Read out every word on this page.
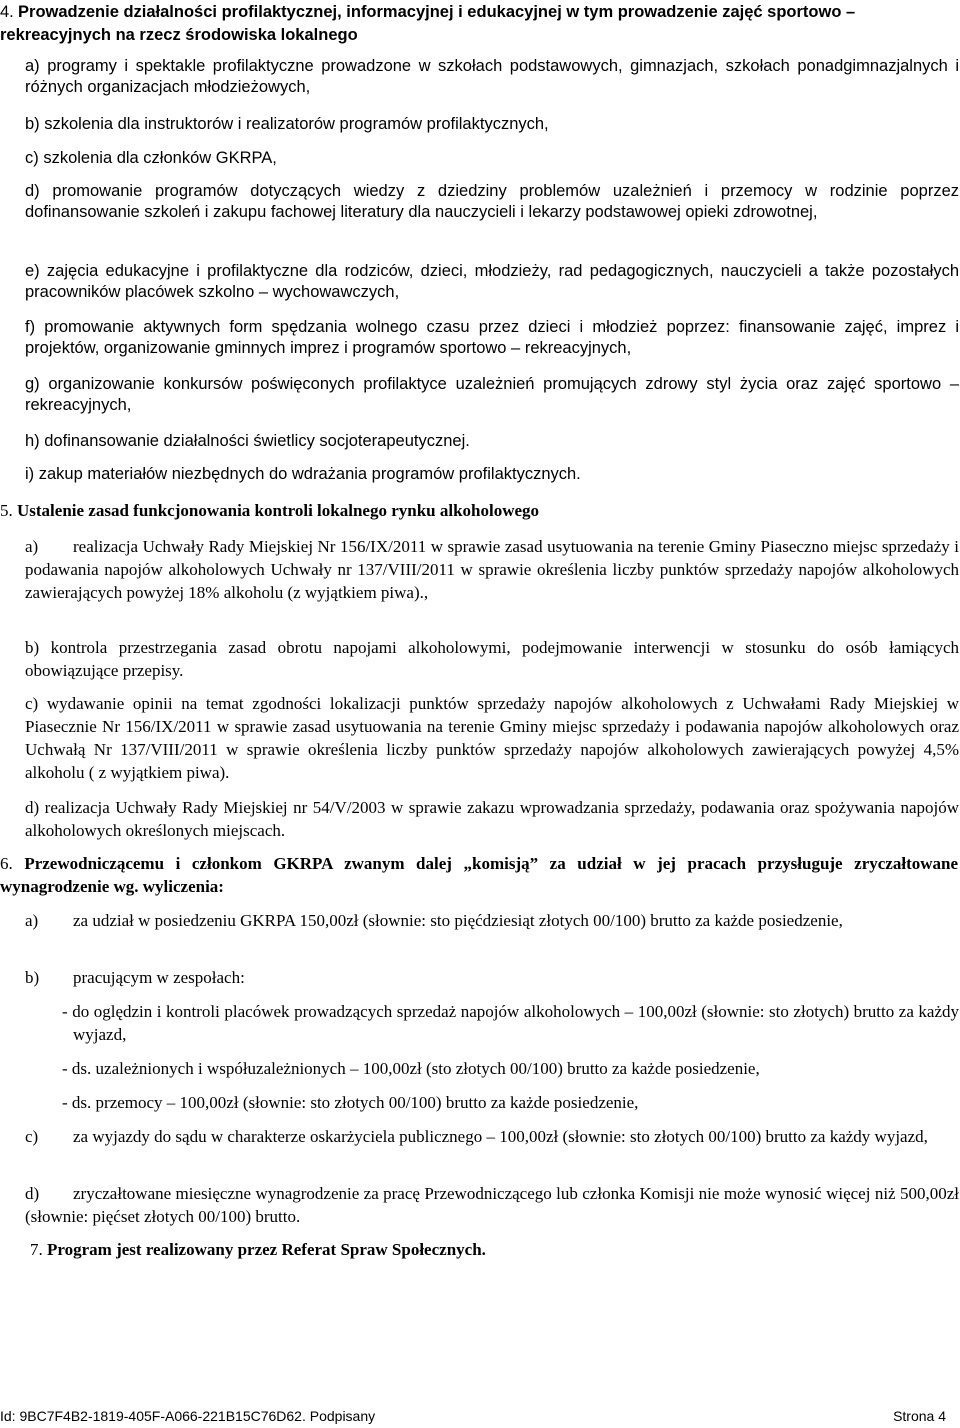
4. Prowadzenie działalności profilaktycznej, informacyjnej i edukacyjnej w tym prowadzenie zajęć sportowo – rekreacyjnych na rzecz środowiska lokalnego

a) programy i spektakle profilaktyczne prowadzone w szkołach podstawowych, gimnazjach, szkołach ponadgimnazjalnych i różnych organizacjach młodzieżowych,

b) szkolenia dla instruktorów i realizatorów programów profilaktycznych,

c) szkolenia dla członków GKRPA,

d) promowanie programów dotyczących wiedzy z dziedziny problemów uzależnień i przemocy w rodzinie poprzez dofinansowanie szkoleń i zakupu fachowej literatury dla nauczycieli i lekarzy podstawowej opieki zdrowotnej,

e) zajęcia edukacyjne i profilaktyczne dla rodziców, dzieci, młodzieży, rad pedagogicznych, nauczycieli a także pozostałych pracowników placówek szkolno – wychowawczych,

f) promowanie aktywnych form spędzania wolnego czasu przez dzieci i młodzież poprzez: finansowanie zajęć, imprez i projektów, organizowanie gminnych imprez i programów sportowo – rekreacyjnych,

g) organizowanie konkursów poświęconych profilaktyce uzależnień promujących zdrowy styl życia oraz zajęć sportowo – rekreacyjnych,

h) dofinansowanie działalności świetlicy socjoterapeutycznej.

i) zakup materiałów niezbędnych do wdrażania programów profilaktycznych.

5. Ustalenie zasad funkcjonowania kontroli lokalnego rynku alkoholowego

a) realizacja Uchwały Rady Miejskiej Nr 156/IX/2011 w sprawie zasad usytuowania na terenie Gminy Piaseczno miejsc sprzedaży i podawania napojów alkoholowych Uchwały nr 137/VIII/2011 w sprawie określenia liczby punktów sprzedaży napojów alkoholowych zawierających powyżej 18% alkoholu (z wyjątkiem piwa).,

b) kontrola przestrzegania zasad obrotu napojami alkoholowymi, podejmowanie interwencji w stosunku do osób łamiących obowiązujące przepisy.

c) wydawanie opinii na temat zgodności lokalizacji punktów sprzedaży napojów alkoholowych z Uchwałami Rady Miejskiej w Piasecznie Nr 156/IX/2011 w sprawie zasad usytuowania na terenie Gminy miejsc sprzedaży i podawania napojów alkoholowych oraz Uchwałą Nr 137/VIII/2011 w sprawie określenia liczby punktów sprzedaży napojów alkoholowych zawierających powyżej 4,5% alkoholu ( z wyjątkiem piwa).

d) realizacja Uchwały Rady Miejskiej nr 54/V/2003 w sprawie zakazu wprowadzania sprzedaży, podawania oraz spożywania napojów alkoholowych określonych miejscach.

6. Przewodniczącemu i członkom GKRPA zwanym dalej „komisją” za udział w jej pracach przysługuje zryczałtowane wynagrodzenie wg. wyliczenia:

a) za udział w posiedzeniu GKRPA 150,00zł (słownie: sto pięćdziesiąt złotych 00/100) brutto za każde posiedzenie,

b) pracującym w zespołach:

- do oględzin i kontroli placówek prowadzących sprzedaż napojów alkoholowych – 100,00zł (słownie: sto złotych) brutto za każdy wyjazd,

- ds. uzależnionych i współuzależnionych – 100,00zł (sto złotych 00/100) brutto za każde posiedzenie,

- ds. przemocy – 100,00zł (słownie: sto złotych 00/100) brutto za każde posiedzenie,

c) za wyjazdy do sądu w charakterze oskarżyciela publicznego – 100,00zł (słownie: sto złotych 00/100) brutto za każdy wyjazd,

d) zryczałtowane miesięczne wynagrodzenie za pracę Przewodniczącego lub członka Komisji nie może wynosić więcej niż 500,00zł (słownie: pięćset złotych 00/100) brutto.

7. Program jest realizowany przez Referat Spraw Społecznych.

Id: 9BC7F4B2-1819-405F-A066-221B15C76D62. Podpisany	Strona 4
